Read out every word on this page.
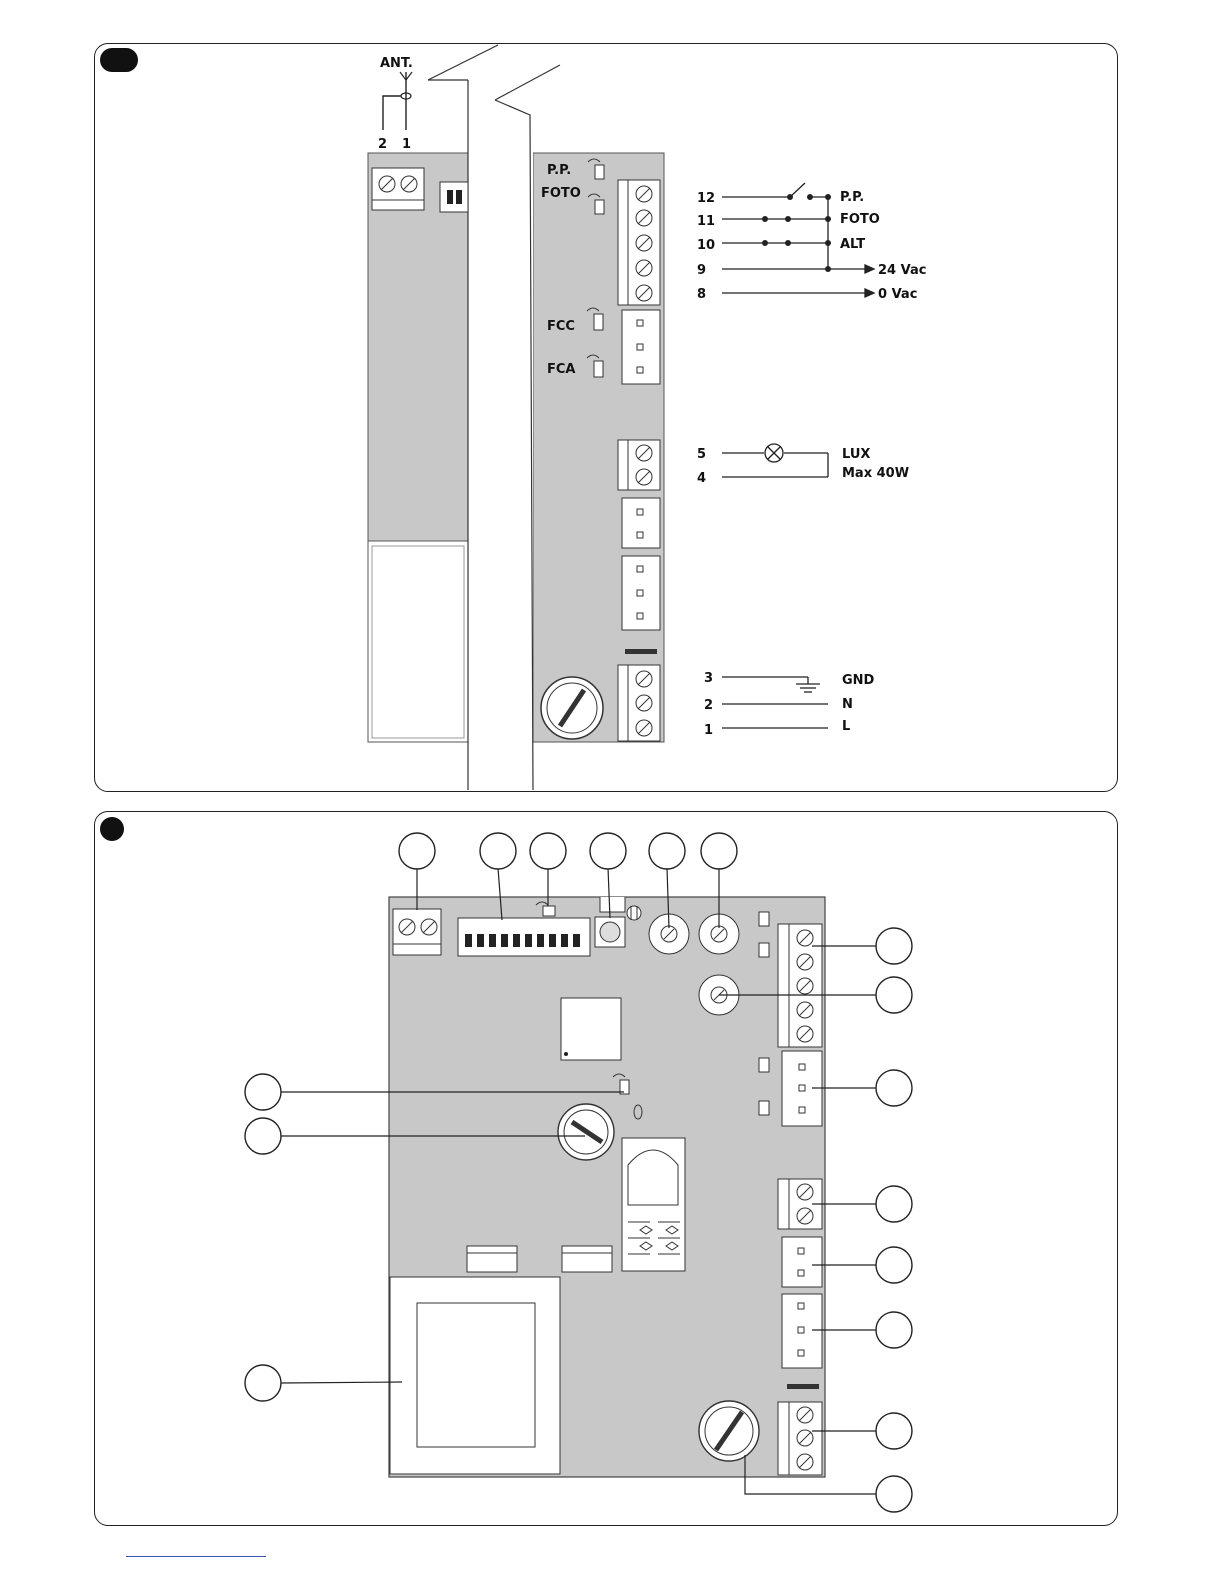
ANT.
2 1
P.P.
FOTO
FCC
FCA
12
11
10
9
8
P.P.
FOTO
ALT
24 Vac
0 Vac
5
4
LUX
Max 40W
3
2
1
GND
N
L
